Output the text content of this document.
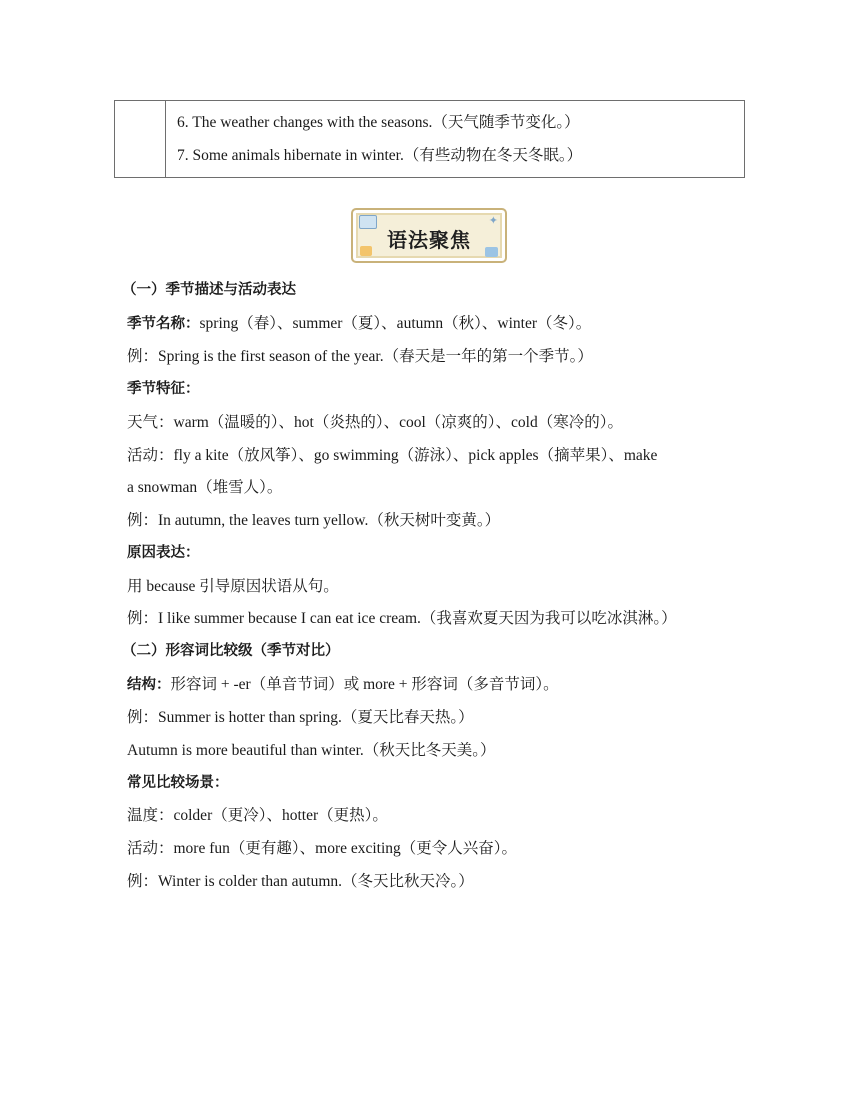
6. The weather changes with the seasons.（天气随季节变化。）
7. Some animals hibernate in winter.（有些动物在冬天冬眠。）
✦
语法聚焦
（一）季节描述与活动表达
季节名称：spring（春）、summer（夏）、autumn（秋）、winter（冬）。
例：Spring is the first season of the year.（春天是一年的第一个季节。）
季节特征：
天气：warm（温暖的）、hot（炎热的）、cool（凉爽的）、cold（寒冷的）。
活动：fly a kite（放风筝）、go swimming（游泳）、pick apples（摘苹果）、make
a snowman（堆雪人）。
例：In autumn, the leaves turn yellow.（秋天树叶变黄。）
原因表达：
用 because 引导原因状语从句。
例：I like summer because I can eat ice cream.（我喜欢夏天因为我可以吃冰淇淋。）
（二）形容词比较级（季节对比）
结构：形容词 + -er（单音节词）或 more + 形容词（多音节词）。
例：Summer is hotter than spring.（夏天比春天热。）
Autumn is more beautiful than winter.（秋天比冬天美。）
常见比较场景：
温度：colder（更冷）、hotter（更热）。
活动：more fun（更有趣）、more exciting（更令人兴奋）。
例：Winter is colder than autumn.（冬天比秋天冷。）
